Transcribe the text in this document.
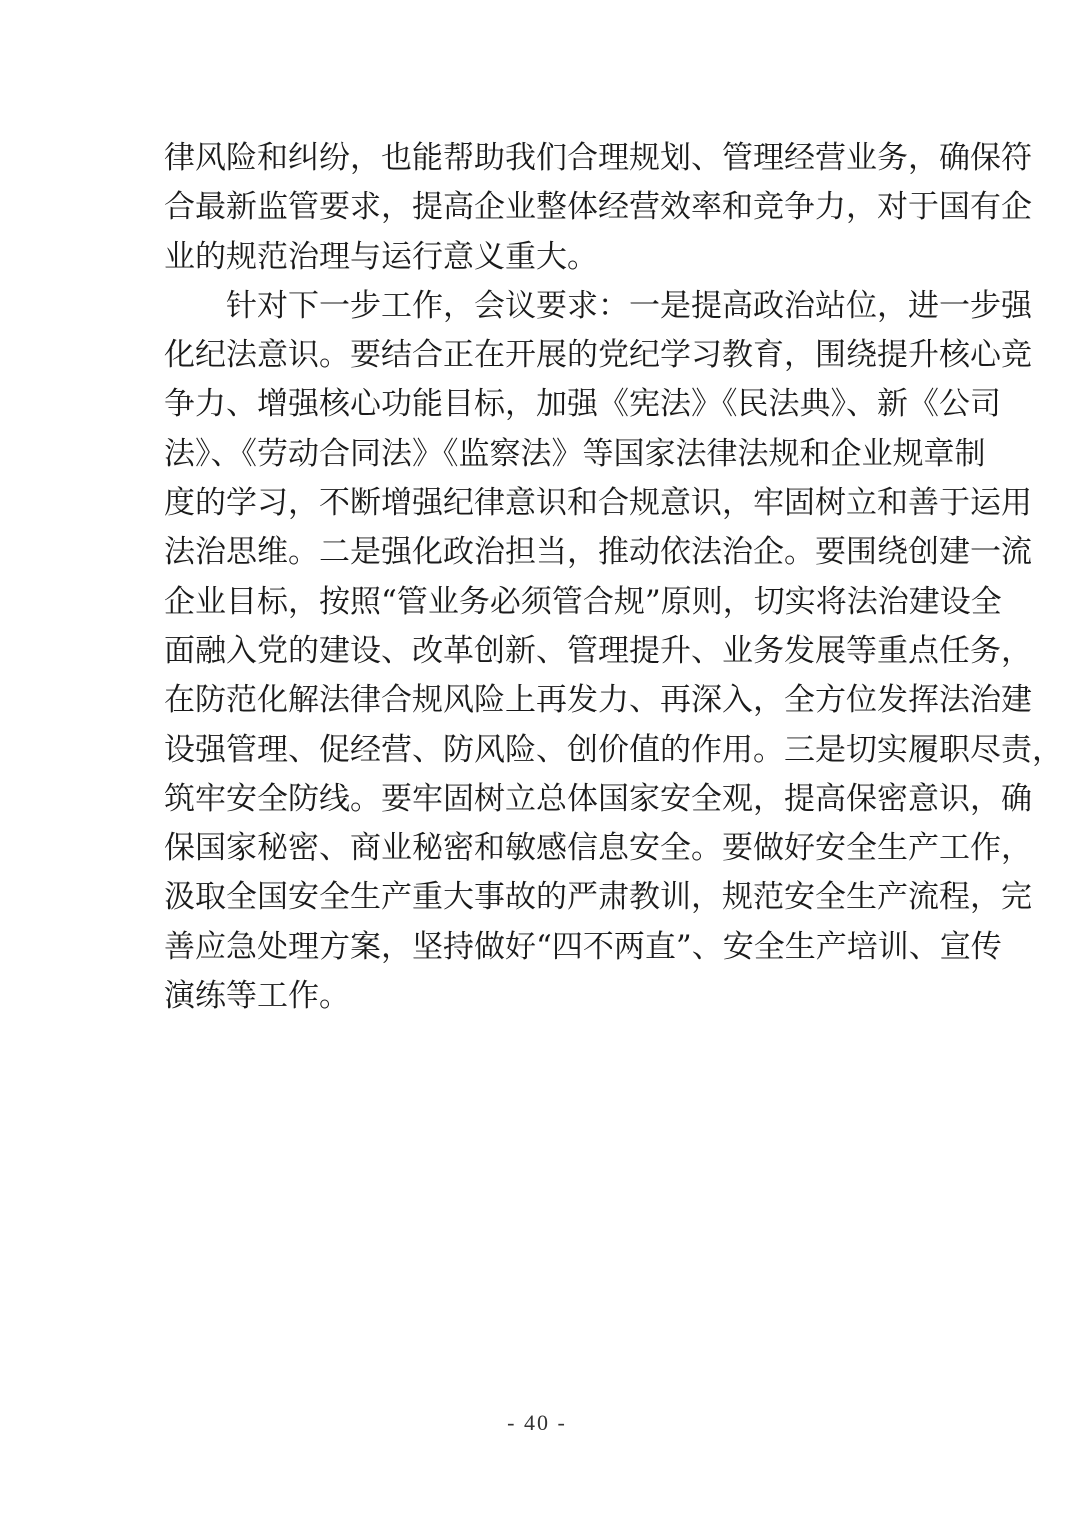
律风险和纠纷，也能帮助我们合理规划、管理经营业务，确保符
合最新监管要求，提高企业整体经营效率和竞争力，对于国有企
业的规范治理与运行意义重大。
针对下一步工作，会议要求：一是提高政治站位，进一步强
化纪法意识。要结合正在开展的党纪学习教育，围绕提升核心竞
争力、增强核心功能目标，加强《宪法》《民法典》、新《公司
法》、《劳动合同法》《监察法》等国家法律法规和企业规章制
度的学习，不断增强纪律意识和合规意识，牢固树立和善于运用
法治思维。二是强化政治担当，推动依法治企。要围绕创建一流
企业目标，按照“管业务必须管合规”原则，切实将法治建设全
面融入党的建设、改革创新、管理提升、业务发展等重点任务，
在防范化解法律合规风险上再发力、再深入，全方位发挥法治建
设强管理、促经营、防风险、创价值的作用。三是切实履职尽责，
筑牢安全防线。要牢固树立总体国家安全观，提高保密意识，确
保国家秘密、商业秘密和敏感信息安全。要做好安全生产工作，
汲取全国安全生产重大事故的严肃教训，规范安全生产流程，完
善应急处理方案，坚持做好“四不两直”、安全生产培训、宣传
演练等工作。
- 40 -
